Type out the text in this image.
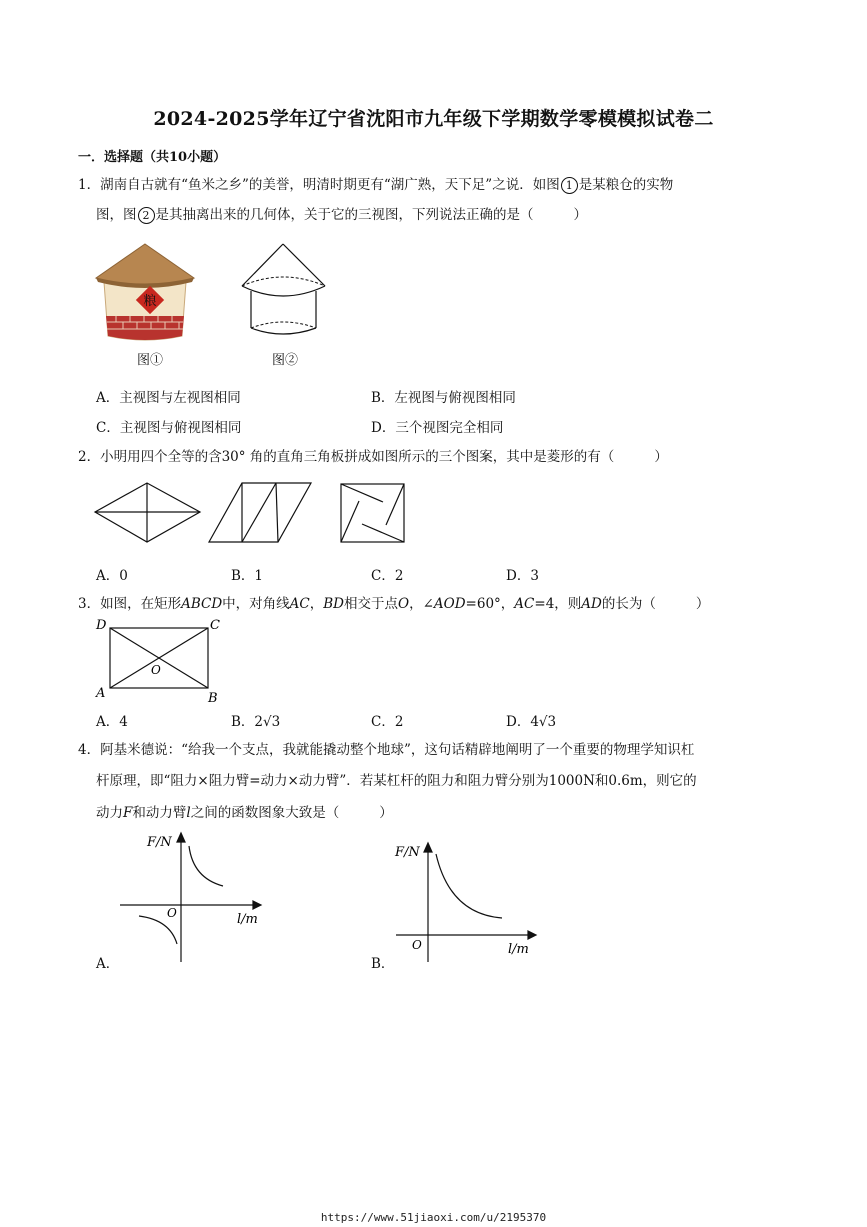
2024-2025学年辽宁省沈阳市九年级下学期数学零模模拟试卷二
一．选择题（共10小题）
1．湖南自古就有“鱼米之乡”的美誉，明清时期更有“湖广熟，天下足”之说．如图 1 是某粮仓的实物
图，图 2 是其抽离出来的几何体，关于它的三视图，下列说法正确的是（	）
粮
图①	图②
A．主视图与左视图相同	B．左视图与俯视图相同
C．主视图与俯视图相同	D．三个视图完全相同
2．小明用四个全等的含30° 角的直角三角板拼成如图所示的三个图案，其中是菱形的有（	）
A．0	B．1	C．2	D．3
3．如图，在矩形ABCD中，对角线AC，BD相交于点O，∠AOD=60°，AC=4，则AD的长为（	）
D	C
A	B
O
A．4	B．2√3	C．2	D．4√3
4．阿基米德说：“给我一个支点，我就能撬动整个地球”，这句话精辟地阐明了一个重要的物理学知识杠
杆原理，即“阻力×阻力臂=动力×动力臂”．若某杠杆的阻力和阻力臂分别为1000N和0.6m，则它的
动力F和动力臂l之间的函数图象大致是（	）
F/N
O	l/m
A．
F/N
O	l/m
B．
https://www.51jiaoxi.com/u/2195370
